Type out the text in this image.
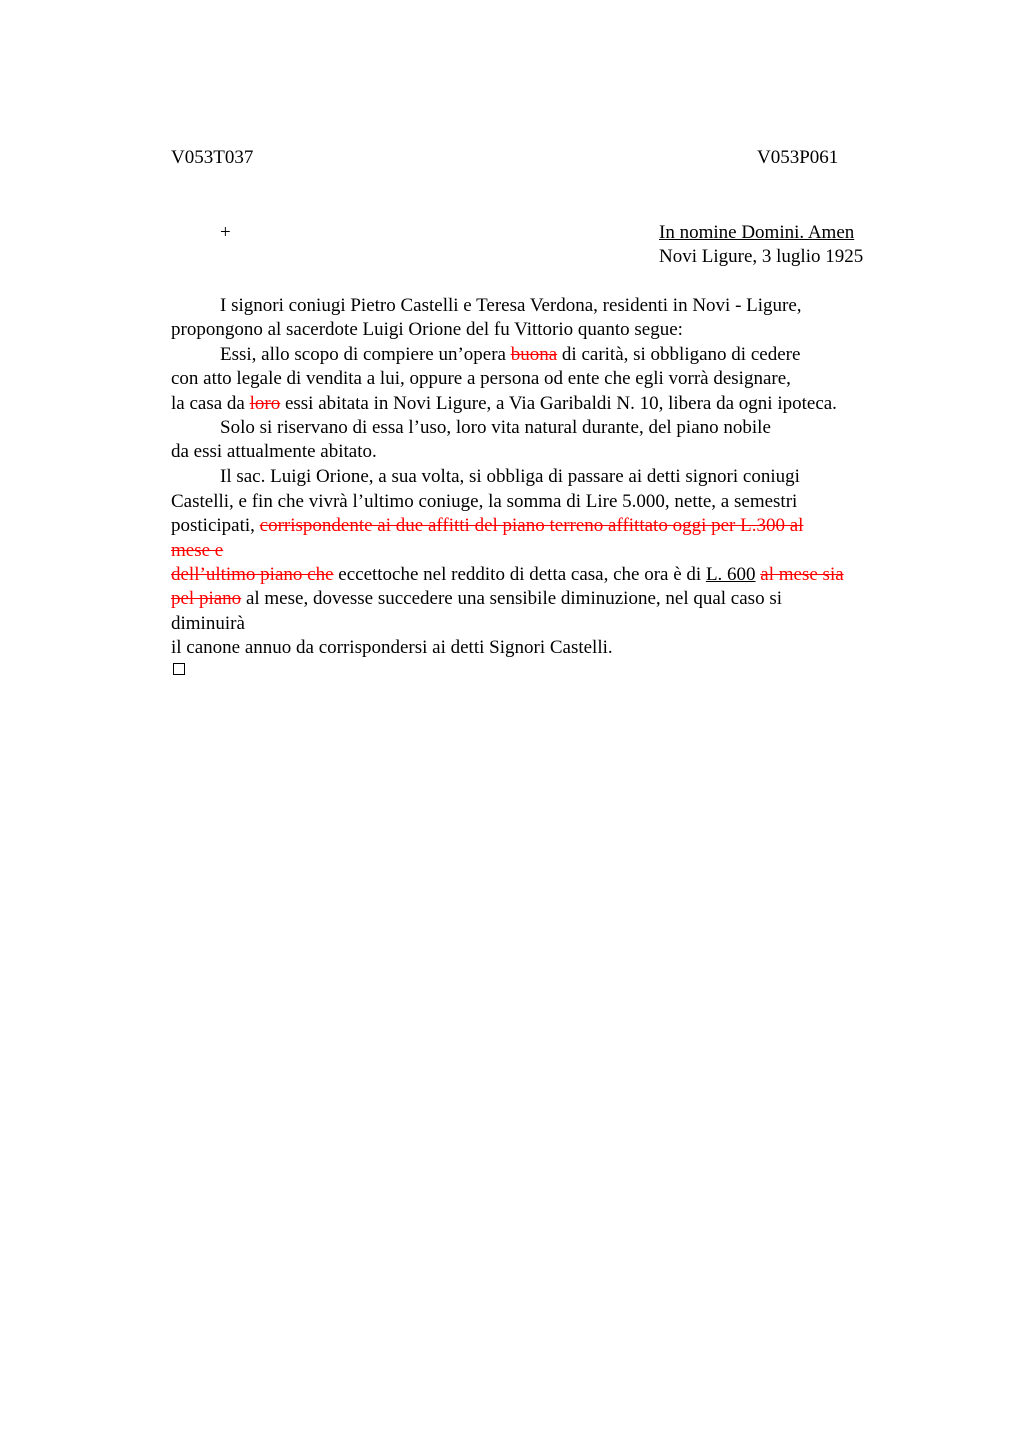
V053T037	V053P061
+	In nomine Domini. Amen
Novi Ligure, 3 luglio 1925
I signori coniugi Pietro Castelli e Teresa Verdona, residenti in Novi - Ligure,
propongono al sacerdote Luigi Orione del fu Vittorio quanto segue:
Essi, allo scopo di compiere un’opera buona di carità, si obbligano di cedere
con atto legale di vendita a lui, oppure a persona od ente che egli vorrà designare,
la casa da loro essi abitata in Novi Ligure, a Via Garibaldi N. 10, libera da ogni ipoteca.
Solo si riservano di essa l’uso, loro vita natural durante, del piano nobile
da essi attualmente abitato.
Il sac. Luigi Orione, a sua volta, si obbliga di passare ai detti signori coniugi
Castelli, e fin che vivrà l’ultimo coniuge, la somma di Lire 5.000, nette, a semestri
posticipati, corrispondente ai due affitti del piano terreno affittato oggi per L.300 al
mese e
dell’ultimo piano che eccettoche nel reddito di detta casa, che ora è di L. 600 al mese sia
pel piano al mese, dovesse succedere una sensibile diminuzione, nel qual caso si
diminuirà
il canone annuo da corrispondersi ai detti Signori Castelli.
